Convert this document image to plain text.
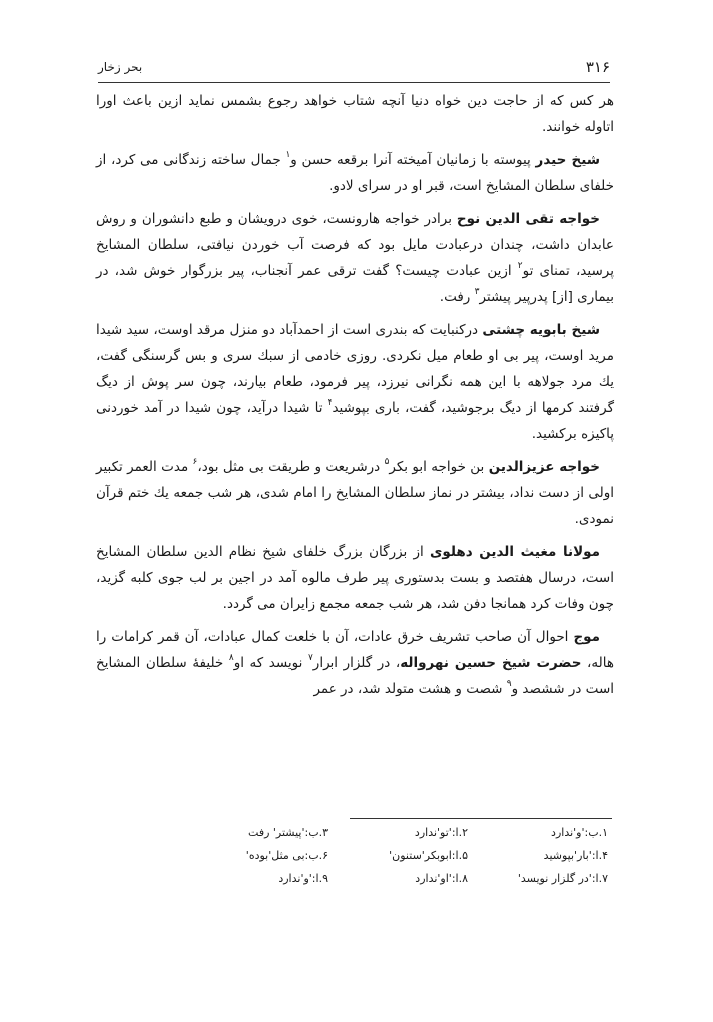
۳۱۶
بحر زخار

هر کس که از حاجت دین خواه دنیا آنچه شتاب خواهد رجوع بشمس نماید ازین باعث اورا اتاوله خوانند.

شیخ حیدر پیوسته با زمانیان آمیخته آنرا برقعه حسن و$^۱$ جمال ساخته زندگانی می کرد، از خلفای سلطان المشایخ است، قبر او در سرای لادو.

خواجه تقی الدین نوح برادر خواجه هارونست، خوی درویشان و طبع دانشوران و روش عابدان داشت، چندان درعبادت مایل بود که فرصت آب خوردن نیافتی، سلطان المشایخ پرسید، تمنای تو$^۲$ ازین عبادت چیست؟ گفت ترقی عمر آنجناب، پیر بزرگوار خوش شد، در بیماری [از] پدرپیر پیشتر$^۳$ رفت.

شیخ بابویه چشتی درکنبایت که بندری است از احمدآباد دو منزل مرقد اوست، سید شیدا مرید اوست، پیر بی او طعام میل نکردی. روزی خادمی از سبك سری و بس گرسنگی گفت، یك مرد جولاهه با این همه نگرانی نیرزد، پیر فرمود، طعام بیارند، چون سر پوش از دیگ گرفتند کرمها از دیگ برجوشید، گفت، باری بپوشید$^۴$ تا شیدا درآید، چون شیدا در آمد خوردنی پاکیزه برکشید.

خواجه عزیزالدین بن خواجه ابو بکر$^۵$ درشریعت و طریقت بی مثل بود،$^۶$ مدت العمر تکبیر اولی از دست نداد، بیشتر در نماز سلطان المشایخ را امام شدی، هر شب جمعه یك ختم قرآن نمودی.

مولانا مغیث الدین دهلوی از بزرگان بزرگ خلفای شیخ نظام الدین سلطان المشایخ است، درسال هفتصد و بست بدستوری پیر طرف مالوه آمد در اجین بر لب جوی کلبه گزید، چون وفات کرد همانجا دفن شد، هر شب جمعه مجمع زایران می گردد.

موج احوال آن صاحب تشریف خرق عادات، آن با خلعت کمال عبادات، آن قمر کرامات را هاله، حضرت شیخ حسین نهرواله، در گلزار ابرار$^۷$ نویسد که او$^۸$ خلیفهٔ سلطان المشایخ است در ششصد و$^۹$ شصت و هشت متولد شد، در عمر

۱.ب:'و'ندارد
۲.ا:'تو'ندارد
۳.ب:'پیشتر' رفت
۴.ا:'بار'بپوشید
۵.ا:ابوبکر'ستنون'
۶.ب:بی مثل'بوده'
۷.ا:'در گلزار نویسد'
۸.ا:'او'ندارد
۹.ا:'و'ندارد
